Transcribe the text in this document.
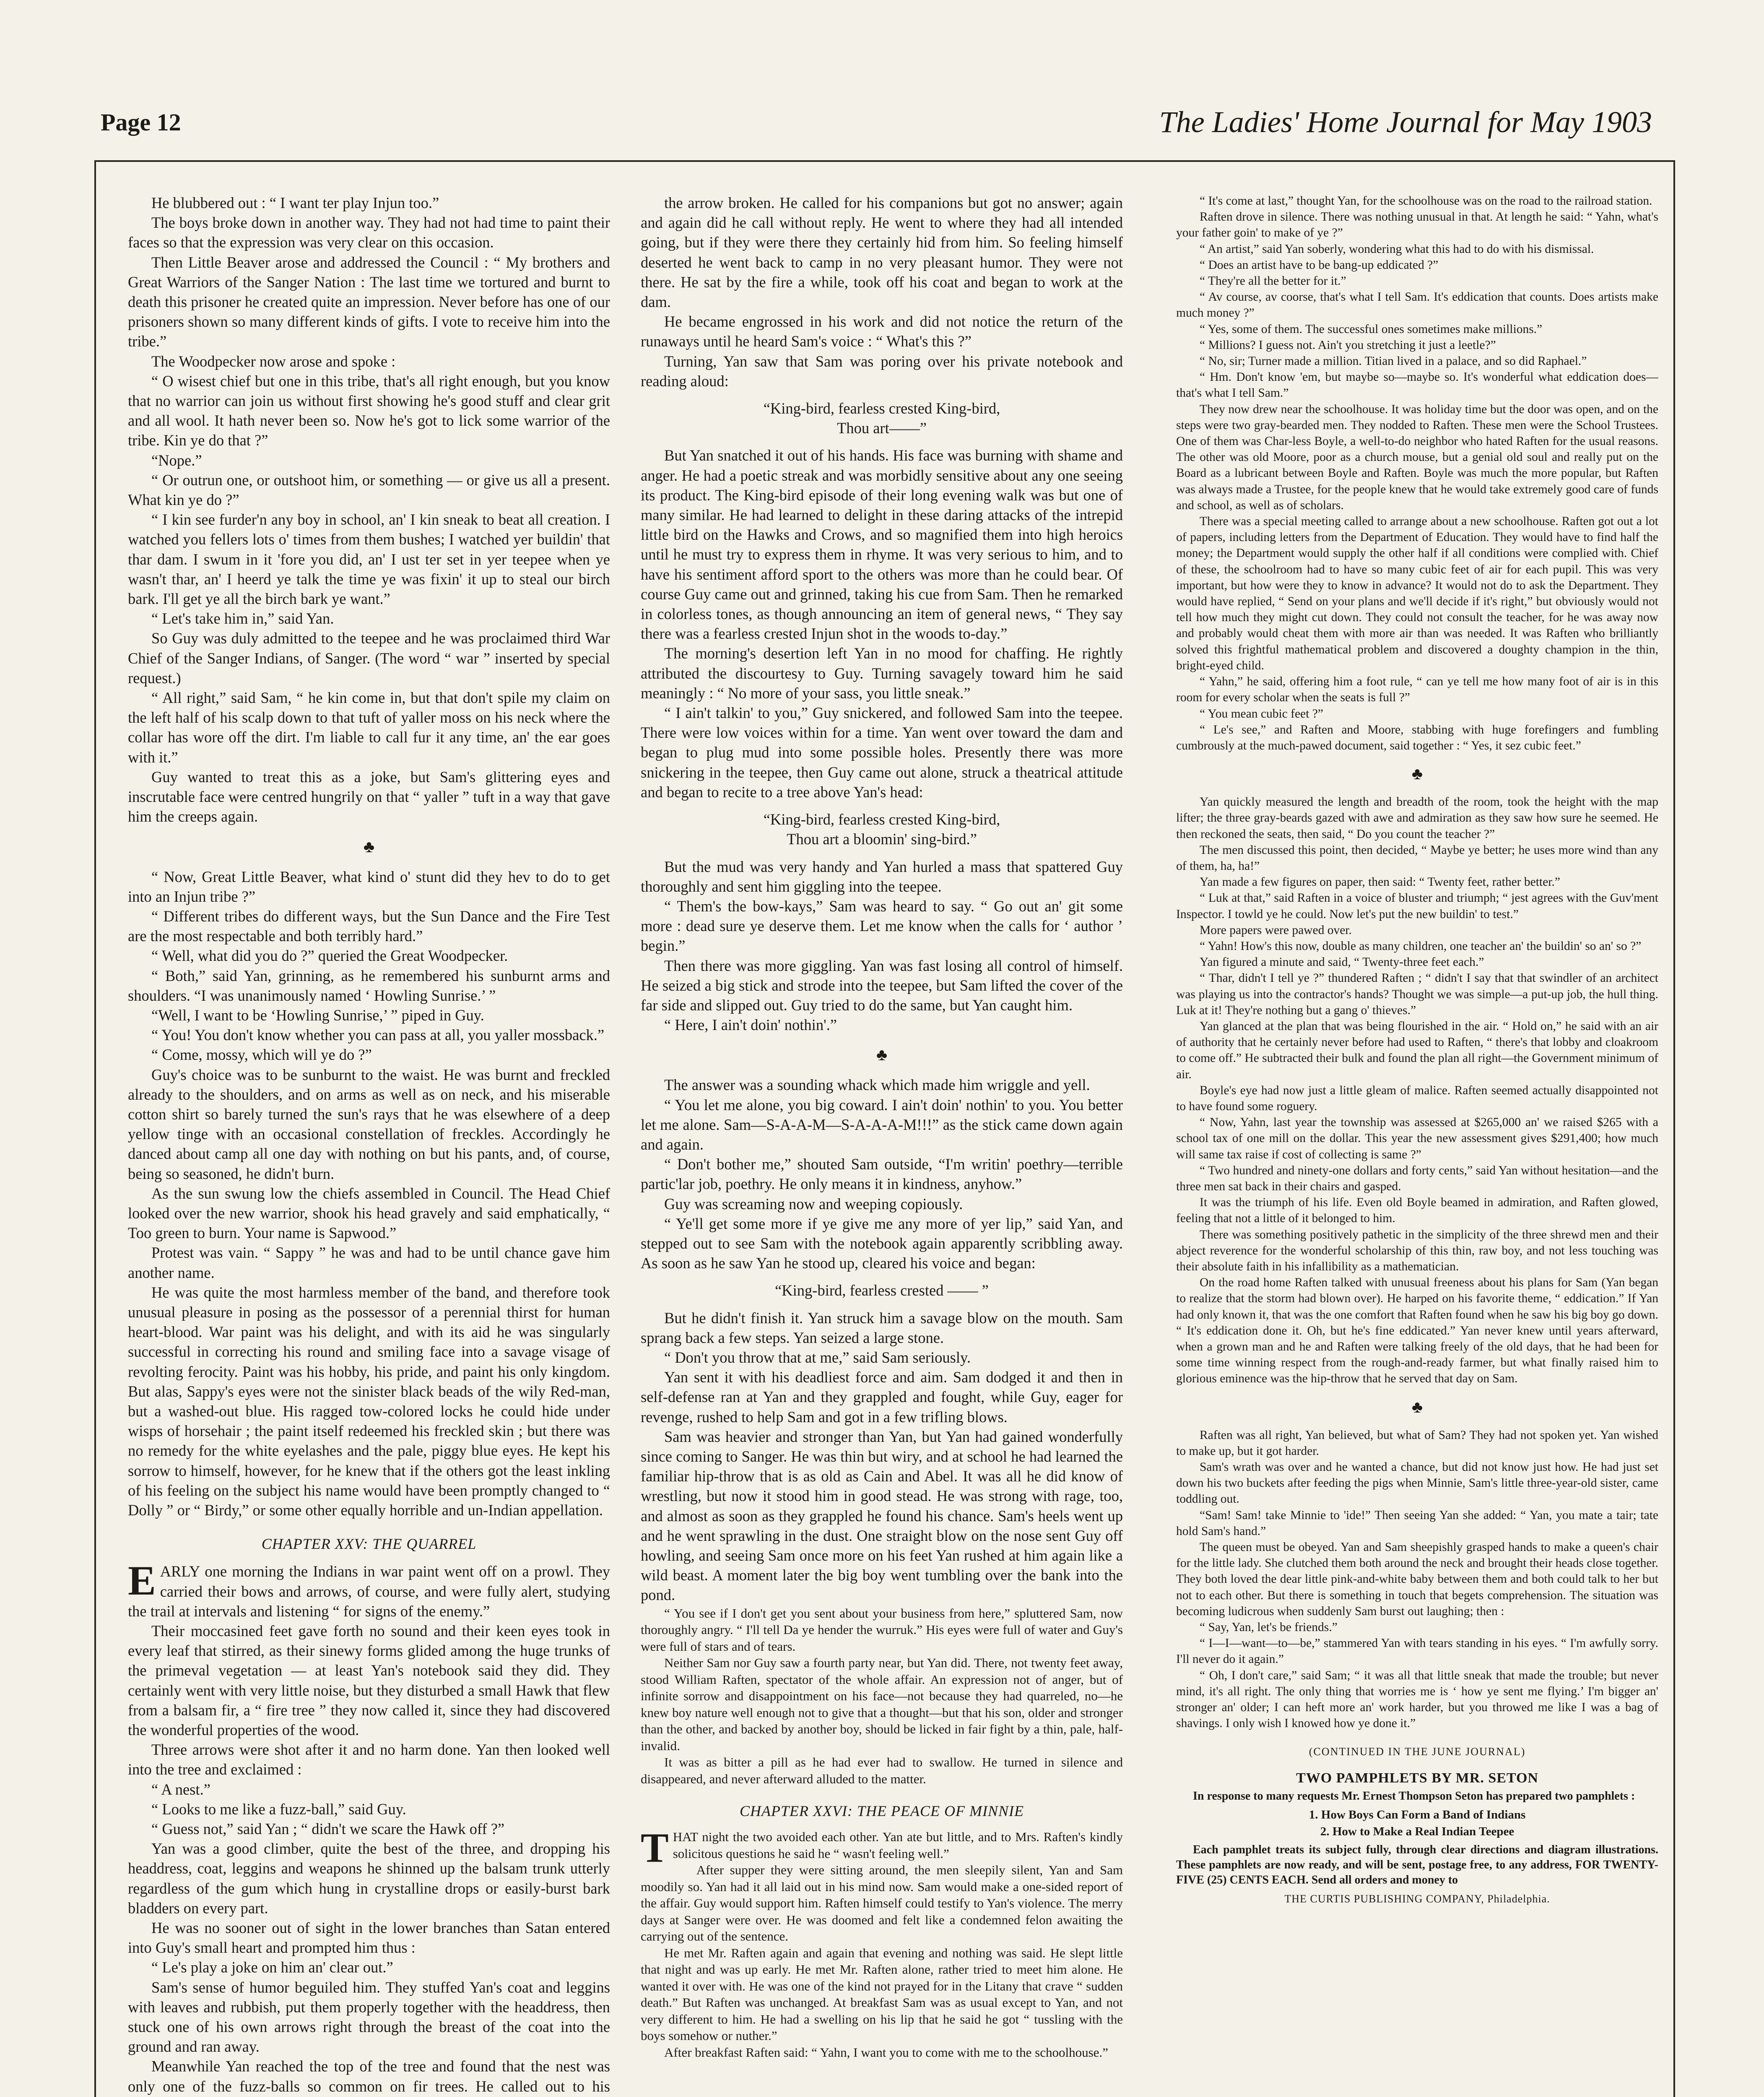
Page 12	The Ladies' Home Journal for May 1903

He blubbered out : “ I want ter play Injun too.”

The boys broke down in another way. They had not had time to paint their faces so that the expression was very clear on this occasion.

Then Little Beaver arose and addressed the Council : “ My brothers and Great Warriors of the Sanger Nation : The last time we tortured and burnt to death this prisoner he created quite an impression. Never before has one of our prisoners shown so many different kinds of gifts. I vote to receive him into the tribe.”

The Woodpecker now arose and spoke :

“ O wisest chief but one in this tribe, that's all right enough, but you know that no warrior can join us without first showing he's good stuff and clear grit and all wool. It hath never been so. Now he's got to lick some warrior of the tribe. Kin ye do that ?”

“Nope.”

“ Or outrun one, or outshoot him, or something — or give us all a present. What kin ye do ?”

“ I kin see furder'n any boy in school, an' I kin sneak to beat all creation. I watched you fellers lots o' times from them bushes; I watched yer buildin' that thar dam. I swum in it 'fore you did, an' I ust ter set in yer teepee when ye wasn't thar, an' I heerd ye talk the time ye was fixin' it up to steal our birch bark. I'll get ye all the birch bark ye want.”

“ Let's take him in,” said Yan.

So Guy was duly admitted to the teepee and he was proclaimed third War Chief of the Sanger Indians, of Sanger. (The word “ war ” inserted by special request.)

“ All right,” said Sam, “ he kin come in, but that don't spile my claim on the left half of his scalp down to that tuft of yaller moss on his neck where the collar has wore off the dirt. I'm liable to call fur it any time, an' the ear goes with it.”

Guy wanted to treat this as a joke, but Sam's glittering eyes and inscrutable face were centred hungrily on that “ yaller ” tuft in a way that gave him the creeps again.

♣

“ Now, Great Little Beaver, what kind o' stunt did they hev to do to get into an Injun tribe ?”

“ Different tribes do different ways, but the Sun Dance and the Fire Test are the most respectable and both terribly hard.”

“ Well, what did you do ?” queried the Great Woodpecker.

“ Both,” said Yan, grinning, as he remembered his sunburnt arms and shoulders. “I was unanimously named ‘ Howling Sunrise.’ ”

“Well, I want to be ‘Howling Sunrise,’ ” piped in Guy.

“ You! You don't know whether you can pass at all, you yaller mossback.”

“ Come, mossy, which will ye do ?”

Guy's choice was to be sunburnt to the waist. He was burnt and freckled already to the shoulders, and on arms as well as on neck, and his miserable cotton shirt so barely turned the sun's rays that he was elsewhere of a deep yellow tinge with an occasional constellation of freckles. Accordingly he danced about camp all one day with nothing on but his pants, and, of course, being so seasoned, he didn't burn.

As the sun swung low the chiefs assembled in Council. The Head Chief looked over the new warrior, shook his head gravely and said emphatically, “ Too green to burn. Your name is Sapwood.”

Protest was vain. “ Sappy ” he was and had to be until chance gave him another name.

He was quite the most harmless member of the band, and therefore took unusual pleasure in posing as the possessor of a perennial thirst for human heart-blood. War paint was his delight, and with its aid he was singularly successful in correcting his round and smiling face into a savage visage of revolting ferocity. Paint was his hobby, his pride, and paint his only kingdom. But alas, Sappy's eyes were not the sinister black beads of the wily Red-man, but a washed-out blue. His ragged tow-colored locks he could hide under wisps of horsehair ; the paint itself redeemed his freckled skin ; but there was no remedy for the white eyelashes and the pale, piggy blue eyes. He kept his sorrow to himself, however, for he knew that if the others got the least inkling of his feeling on the subject his name would have been promptly changed to “ Dolly ” or “ Birdy,” or some other equally horrible and un-Indian appellation.

CHAPTER XXV: THE QUARREL

EARLY one morning the Indians in war paint went off on a prowl. They carried their bows and arrows, of course, and were fully alert, studying the trail at intervals and listening “ for signs of the enemy.”

Their moccasined feet gave forth no sound and their keen eyes took in every leaf that stirred, as their sinewy forms glided among the huge trunks of the primeval vegetation — at least Yan's notebook said they did. They certainly went with very little noise, but they disturbed a small Hawk that flew from a balsam fir, a “ fire tree ” they now called it, since they had discovered the wonderful properties of the wood.

Three arrows were shot after it and no harm done. Yan then looked well into the tree and exclaimed :

“ A nest.”

“ Looks to me like a fuzz-ball,” said Guy.

“ Guess not,” said Yan ; “ didn't we scare the Hawk off ?”

Yan was a good climber, quite the best of the three, and dropping his headdress, coat, leggins and weapons he shinned up the balsam trunk utterly regardless of the gum which hung in crystalline drops or easily-burst bark bladders on every part.

He was no sooner out of sight in the lower branches than Satan entered into Guy's small heart and prompted him thus :

“ Le's play a joke on him an' clear out.”

Sam's sense of humor beguiled him. They stuffed Yan's coat and leggins with leaves and rubbish, put them properly together with the headdress, then stuck one of his own arrows right through the breast of the coat into the ground and ran away.

Meanwhile Yan reached the top of the tree and found that the nest was only one of the fuzz-balls so common on fir trees. He called out to his

the arrow broken. He called for his companions but got no answer; again and again did he call without reply. He went to where they had all intended going, but if they were there they certainly hid from him. So feeling himself deserted he went back to camp in no very pleasant humor. They were not there. He sat by the fire a while, took off his coat and began to work at the dam.

He became engrossed in his work and did not notice the return of the runaways until he heard Sam's voice : “ What's this ?”

Turning, Yan saw that Sam was poring over his private notebook and reading aloud:

“King-bird, fearless crested King-bird,
Thou art——”

But Yan snatched it out of his hands. His face was burning with shame and anger. He had a poetic streak and was morbidly sensitive about any one seeing its product. The King-bird episode of their long evening walk was but one of many similar. He had learned to delight in these daring attacks of the intrepid little bird on the Hawks and Crows, and so magnified them into high heroics until he must try to express them in rhyme. It was very serious to him, and to have his sentiment afford sport to the others was more than he could bear. Of course Guy came out and grinned, taking his cue from Sam. Then he remarked in colorless tones, as though announcing an item of general news, “ They say there was a fearless crested Injun shot in the woods to-day.”

The morning's desertion left Yan in no mood for chaffing. He rightly attributed the discourtesy to Guy. Turning savagely toward him he said meaningly : “ No more of your sass, you little sneak.”

“ I ain't talkin' to you,” Guy snickered, and followed Sam into the teepee. There were low voices within for a time. Yan went over toward the dam and began to plug mud into some possible holes. Presently there was more snickering in the teepee, then Guy came out alone, struck a theatrical attitude and began to recite to a tree above Yan's head:

“King-bird, fearless crested King-bird,
Thou art a bloomin' sing-bird.”

But the mud was very handy and Yan hurled a mass that spattered Guy thoroughly and sent him giggling into the teepee.

“ Them's the bow-kays,” Sam was heard to say. “ Go out an' git some more : dead sure ye deserve them. Let me know when the calls for ‘ author ’ begin.”

Then there was more giggling. Yan was fast losing all control of himself. He seized a big stick and strode into the teepee, but Sam lifted the cover of the far side and slipped out. Guy tried to do the same, but Yan caught him.

“ Here, I ain't doin' nothin'.”

♣

The answer was a sounding whack which made him wriggle and yell.

“ You let me alone, you big coward. I ain't doin' nothin' to you. You better let me alone. Sam—S-A-A-M—S-A-A-A-M!!!” as the stick came down again and again.

“ Don't bother me,” shouted Sam outside, “I'm writin' poethry—terrible partic'lar job, poethry. He only means it in kindness, anyhow.”

Guy was screaming now and weeping copiously.

“ Ye'll get some more if ye give me any more of yer lip,” said Yan, and stepped out to see Sam with the notebook again apparently scribbling away. As soon as he saw Yan he stood up, cleared his voice and began:

“King-bird, fearless crested —— ”

But he didn't finish it. Yan struck him a savage blow on the mouth. Sam sprang back a few steps. Yan seized a large stone.

“ Don't you throw that at me,” said Sam seriously.

Yan sent it with his deadliest force and aim. Sam dodged it and then in self-defense ran at Yan and they grappled and fought, while Guy, eager for revenge, rushed to help Sam and got in a few trifling blows.

Sam was heavier and stronger than Yan, but Yan had gained wonderfully since coming to Sanger. He was thin but wiry, and at school he had learned the familiar hip-throw that is as old as Cain and Abel. It was all he did know of wrestling, but now it stood him in good stead. He was strong with rage, too, and almost as soon as they grappled he found his chance. Sam's heels went up and he went sprawling in the dust. One straight blow on the nose sent Guy off howling, and seeing Sam once more on his feet Yan rushed at him again like a wild beast. A moment later the big boy went tumbling over the bank into the pond.

“ You see if I don't get you sent about your business from here,” spluttered Sam, now thoroughly angry. “ I'll tell Da ye hender the wurruk.” His eyes were full of water and Guy's were full of stars and of tears.

Neither Sam nor Guy saw a fourth party near, but Yan did. There, not twenty feet away, stood William Raften, spectator of the whole affair. An expression not of anger, but of infinite sorrow and disappointment on his face—not because they had quarreled, no—he knew boy nature well enough not to give that a thought—but that his son, older and stronger than the other, and backed by another boy, should be licked in fair fight by a thin, pale, half-invalid.

It was as bitter a pill as he had ever had to swallow. He turned in silence and disappeared, and never afterward alluded to the matter.

CHAPTER XXVI: THE PEACE OF MINNIE

THAT night the two avoided each other. Yan ate but little, and to Mrs. Raften's kindly solicitous questions he said he “ wasn't feeling well.”

After supper they were sitting around, the men sleepily silent, Yan and Sam moodily so. Yan had it all laid out in his mind now. Sam would make a one-sided report of the affair. Guy would support him. Raften himself could testify to Yan's violence. The merry days at Sanger were over. He was doomed and felt like a condemned felon awaiting the carrying out of the sentence.

He met Mr. Raften again and again that evening and nothing was said. He slept little that night and was up early. He met Mr. Raften alone, rather tried to meet him alone. He wanted it over with. He was one of the kind not prayed for in the Litany that crave “ sudden death.” But Raften was unchanged. At breakfast Sam was as usual except to Yan, and not very different to him. He had a swelling on his lip that he said he got “ tussling with the boys somehow or nuther.”

After breakfast Raften said: “ Yahn, I want you to come with me to the schoolhouse.”

“ It's come at last,” thought Yan, for the schoolhouse was on the road to the railroad station.

Raften drove in silence. There was nothing unusual in that. At length he said: “ Yahn, what's your father goin' to make of ye ?”

“ An artist,” said Yan soberly, wondering what this had to do with his dismissal.

“ Does an artist have to be bang-up eddicated ?”

“ They're all the better for it.”

“ Av course, av coorse, that's what I tell Sam. It's eddication that counts. Does artists make much money ?”

“ Yes, some of them. The successful ones sometimes make millions.”

“ Millions? I guess not. Ain't you stretching it just a leetle?”

“ No, sir; Turner made a million. Titian lived in a palace, and so did Raphael.”

“ Hm. Don't know 'em, but maybe so—maybe so. It's wonderful what eddication does—that's what I tell Sam.”

They now drew near the schoolhouse. It was holiday time but the door was open, and on the steps were two gray-bearded men. They nodded to Raften. These men were the School Trustees. One of them was Char-less Boyle, a well-to-do neighbor who hated Raften for the usual reasons. The other was old Moore, poor as a church mouse, but a genial old soul and really put on the Board as a lubricant between Boyle and Raften. Boyle was much the more popular, but Raften was always made a Trustee, for the people knew that he would take extremely good care of funds and school, as well as of scholars.

There was a special meeting called to arrange about a new schoolhouse. Raften got out a lot of papers, including letters from the Department of Education. They would have to find half the money; the Department would supply the other half if all conditions were complied with. Chief of these, the schoolroom had to have so many cubic feet of air for each pupil. This was very important, but how were they to know in advance? It would not do to ask the Department. They would have replied, “ Send on your plans and we'll decide if it's right,” but obviously would not tell how much they might cut down. They could not consult the teacher, for he was away now and probably would cheat them with more air than was needed. It was Raften who brilliantly solved this frightful mathematical problem and discovered a doughty champion in the thin, bright-eyed child.

“ Yahn,” he said, offering him a foot rule, “ can ye tell me how many foot of air is in this room for every scholar when the seats is full ?”

“ You mean cubic feet ?”

“ Le's see,” and Raften and Moore, stabbing with huge forefingers and fumbling cumbrously at the much-pawed document, said together : “ Yes, it sez cubic feet.”

♣

Yan quickly measured the length and breadth of the room, took the height with the map lifter; the three gray-beards gazed with awe and admiration as they saw how sure he seemed. He then reckoned the seats, then said, “ Do you count the teacher ?”

The men discussed this point, then decided, “ Maybe ye better; he uses more wind than any of them, ha, ha!”

Yan made a few figures on paper, then said: “ Twenty feet, rather better.”

“ Luk at that,” said Raften in a voice of bluster and triumph; “ jest agrees with the Guv'ment Inspector. I towld ye he could. Now let's put the new buildin' to test.”

More papers were pawed over.

“ Yahn! How's this now, double as many children, one teacher an' the buildin' so an' so ?”

Yan figured a minute and said, “ Twenty-three feet each.”

“ Thar, didn't I tell ye ?” thundered Raften ; “ didn't I say that that swindler of an architect was playing us into the contractor's hands? Thought we was simple—a put-up job, the hull thing. Luk at it! They're nothing but a gang o' thieves.”

Yan glanced at the plan that was being flourished in the air. “ Hold on,” he said with an air of authority that he certainly never before had used to Raften, “ there's that lobby and cloakroom to come off.” He subtracted their bulk and found the plan all right—the Government minimum of air.

Boyle's eye had now just a little gleam of malice. Raften seemed actually disappointed not to have found some roguery.

“ Now, Yahn, last year the township was assessed at $265,000 an' we raised $265 with a school tax of one mill on the dollar. This year the new assessment gives $291,400; how much will same tax raise if cost of collecting is same ?”

“ Two hundred and ninety-one dollars and forty cents,” said Yan without hesitation—and the three men sat back in their chairs and gasped.

It was the triumph of his life. Even old Boyle beamed in admiration, and Raften glowed, feeling that not a little of it belonged to him.

There was something positively pathetic in the simplicity of the three shrewd men and their abject reverence for the wonderful scholarship of this thin, raw boy, and not less touching was their absolute faith in his infallibility as a mathematician.

On the road home Raften talked with unusual freeness about his plans for Sam (Yan began to realize that the storm had blown over). He harped on his favorite theme, “ eddication.” If Yan had only known it, that was the one comfort that Raften found when he saw his big boy go down. “ It's eddication done it. Oh, but he's fine eddicated.” Yan never knew until years afterward, when a grown man and he and Raften were talking freely of the old days, that he had been for some time winning respect from the rough-and-ready farmer, but what finally raised him to glorious eminence was the hip-throw that he served that day on Sam.

♣

Raften was all right, Yan believed, but what of Sam? They had not spoken yet. Yan wished to make up, but it got harder.

Sam's wrath was over and he wanted a chance, but did not know just how. He had just set down his two buckets after feeding the pigs when Minnie, Sam's little three-year-old sister, came toddling out.

“Sam! Sam! take Minnie to 'ide!” Then seeing Yan she added: “ Yan, you mate a tair; tate hold Sam's hand.”

The queen must be obeyed. Yan and Sam sheepishly grasped hands to make a queen's chair for the little lady. She clutched them both around the neck and brought their heads close together. They both loved the dear little pink-and-white baby between them and both could talk to her but not to each other. But there is something in touch that begets comprehension. The situation was becoming ludicrous when suddenly Sam burst out laughing; then :

“ Say, Yan, let's be friends.”

“ I—I—want—to—be,” stammered Yan with tears standing in his eyes. “ I'm awfully sorry. I'll never do it again.”

“ Oh, I don't care,” said Sam; “ it was all that little sneak that made the trouble; but never mind, it's all right. The only thing that worries me is ‘ how ye sent me flying.’ I'm bigger an' stronger an' older; I can heft more an' work harder, but you throwed me like I was a bag of shavings. I only wish I knowed how ye done it.”

(CONTINUED IN THE JUNE JOURNAL)
TWO PAMPHLETS BY MR. SETON

In response to many requests Mr. Ernest Thompson Seton has prepared two pamphlets :

1. How Boys Can Form a Band of Indians
2. How to Make a Real Indian Teepee

Each pamphlet treats its subject fully, through clear directions and diagram illustrations. These pamphlets are now ready, and will be sent, postage free, to any address, FOR TWENTY-FIVE (25) CENTS EACH. Send all orders and money to

THE CURTIS PUBLISHING COMPANY, Philadelphia.
